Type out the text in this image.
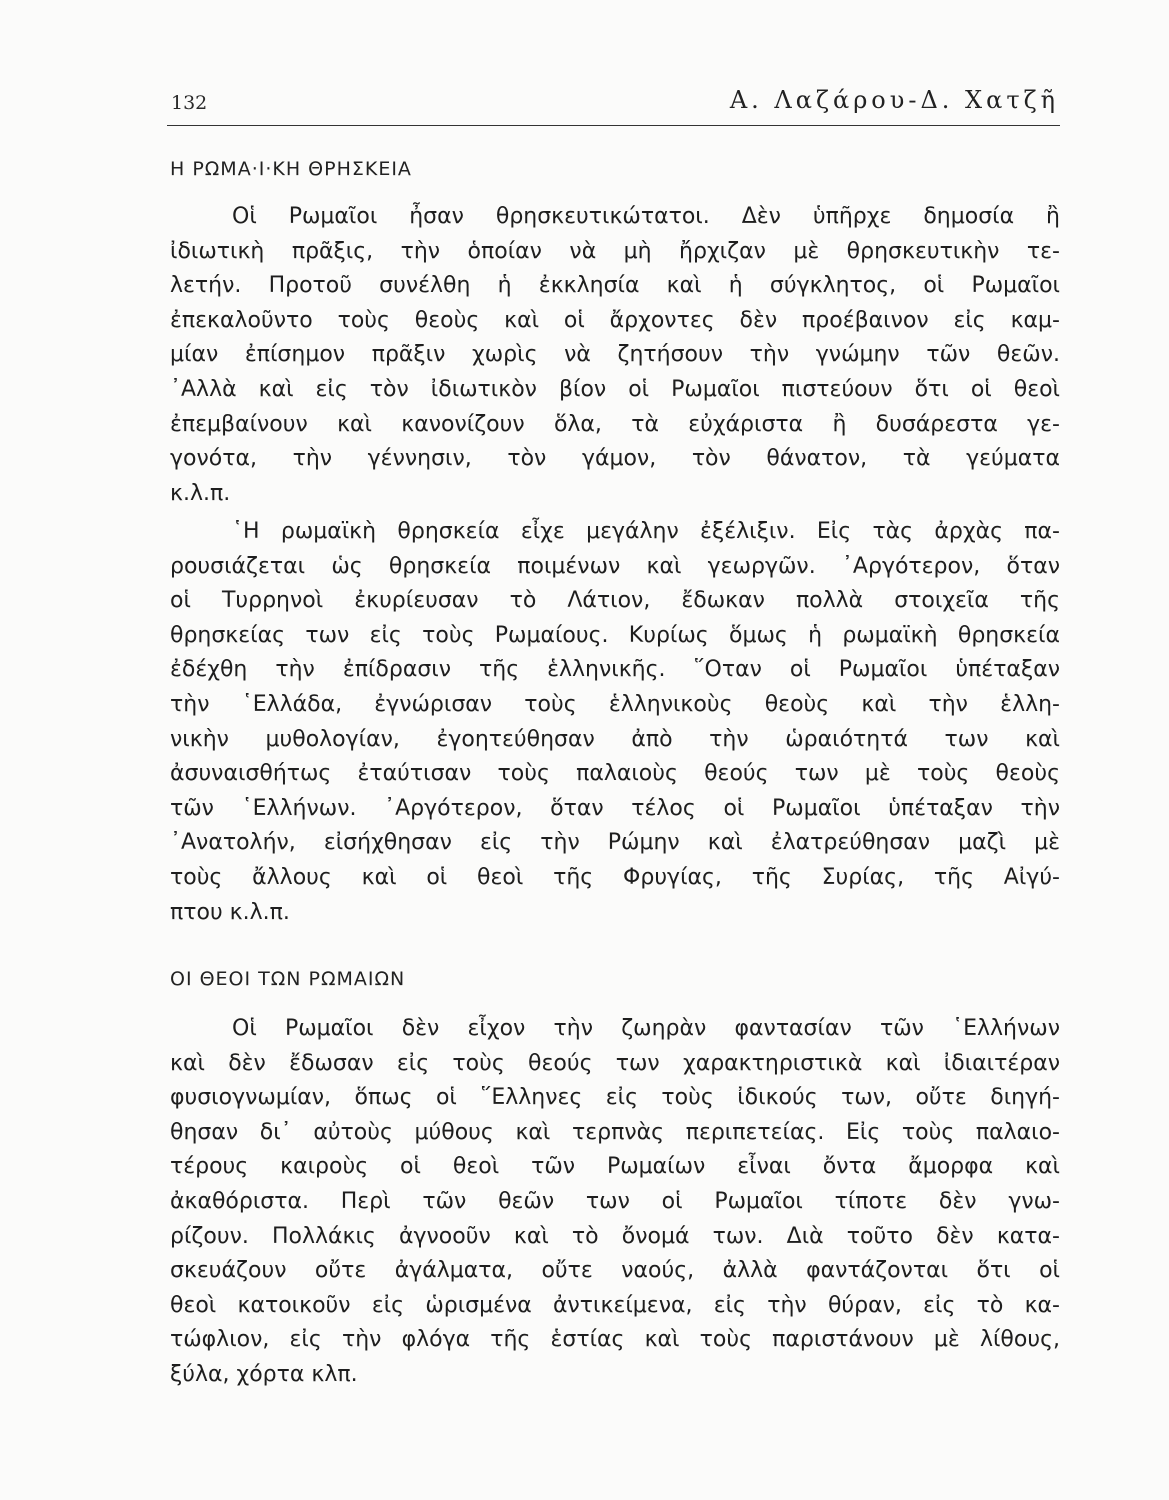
132	Α. Λαζάρου-Δ. Χατζῆ
Η ΡΩΜΑ·Ι·ΚΗ ΘΡΗΣΚΕΙΑ
Οἱ Ρωμαῖοι ἦσαν θρησκευτικώτατοι. Δὲν ὑπῆρχε δημοσία ἢ
ἰδιωτικὴ πρᾶξις, τὴν ὁποίαν νὰ μὴ ἤρχιζαν μὲ θρησκευτικὴν τε-
λετήν. Προτοῦ συνέλθη ἡ ἐκκλησία καὶ ἡ σύγκλητος, οἱ Ρωμαῖοι
ἐπεκαλοῦντο τοὺς θεοὺς καὶ οἱ ἄρχοντες δὲν προέβαινον εἰς καμ-
μίαν ἐπίσημον πρᾶξιν χωρὶς νὰ ζητήσουν τὴν γνώμην τῶν θεῶν.
᾿Αλλὰ καὶ εἰς τὸν ἰδιωτικὸν βίον οἱ Ρωμαῖοι πιστεύουν ὅτι οἱ θεοὶ
ἐπεμβαίνουν καὶ κανονίζουν ὅλα, τὰ εὐχάριστα ἢ δυσάρεστα γε-
γονότα, τὴν γέννησιν, τὸν γάμον, τὸν θάνατον, τὰ γεύματα
κ.λ.π.
῾Η ρωμαϊκὴ θρησκεία εἶχε μεγάλην ἐξέλιξιν. Εἰς τὰς ἀρχὰς πα-
ρουσιάζεται ὡς θρησκεία ποιμένων καὶ γεωργῶν. ᾿Αργότερον, ὅταν
οἱ Τυρρηνοὶ ἐκυρίευσαν τὸ Λάτιον, ἔδωκαν πολλὰ στοιχεῖα τῆς
θρησκείας των εἰς τοὺς Ρωμαίους. Κυρίως ὅμως ἡ ρωμαϊκὴ θρησκεία
ἐδέχθη τὴν ἐπίδρασιν τῆς ἑλληνικῆς. ῞Οταν οἱ Ρωμαῖοι ὑπέταξαν
τὴν ῾Ελλάδα, ἐγνώρισαν τοὺς ἑλληνικοὺς θεοὺς καὶ τὴν ἑλλη-
νικὴν μυθολογίαν, ἐγοητεύθησαν ἀπὸ τὴν ὡραιότητά των καὶ
ἀσυναισθήτως ἐταύτισαν τοὺς παλαιοὺς θεούς των μὲ τοὺς θεοὺς
τῶν ῾Ελλήνων. ᾿Αργότερον, ὅταν τέλος οἱ Ρωμαῖοι ὑπέταξαν τὴν
᾿Ανατολήν, εἰσήχθησαν εἰς τὴν Ρώμην καὶ ἐλατρεύθησαν μαζὶ μὲ
τοὺς ἄλλους καὶ οἱ θεοὶ τῆς Φρυγίας, τῆς Συρίας, τῆς Αἰγύ-
πτου κ.λ.π.
ΟΙ ΘΕΟΙ ΤΩΝ ΡΩΜΑΙΩΝ
Οἱ Ρωμαῖοι δὲν εἶχον τὴν ζωηρὰν φαντασίαν τῶν ῾Ελλήνων
καὶ δὲν ἔδωσαν εἰς τοὺς θεούς των χαρακτηριστικὰ καὶ ἰδιαιτέραν
φυσιογνωμίαν, ὅπως οἱ ῞Ελληνες εἰς τοὺς ἰδικούς των, οὔτε διηγή-
θησαν δι᾿ αὐτοὺς μύθους καὶ τερπνὰς περιπετείας. Εἰς τοὺς παλαιο-
τέρους καιροὺς οἱ θεοὶ τῶν Ρωμαίων εἶναι ὄντα ἄμορφα καὶ
ἀκαθόριστα. Περὶ τῶν θεῶν των οἱ Ρωμαῖοι τίποτε δὲν γνω-
ρίζουν. Πολλάκις ἀγνοοῦν καὶ τὸ ὄνομά των. Διὰ τοῦτο δὲν κατα-
σκευάζουν οὔτε ἀγάλματα, οὔτε ναούς, ἀλλὰ φαντάζονται ὅτι οἱ
θεοὶ κατοικοῦν εἰς ὡρισμένα ἀντικείμενα, εἰς τὴν θύραν, εἰς τὸ κα-
τώφλιον, εἰς τὴν φλόγα τῆς ἑστίας καὶ τοὺς παριστάνουν μὲ λίθους,
ξύλα, χόρτα κλπ.
